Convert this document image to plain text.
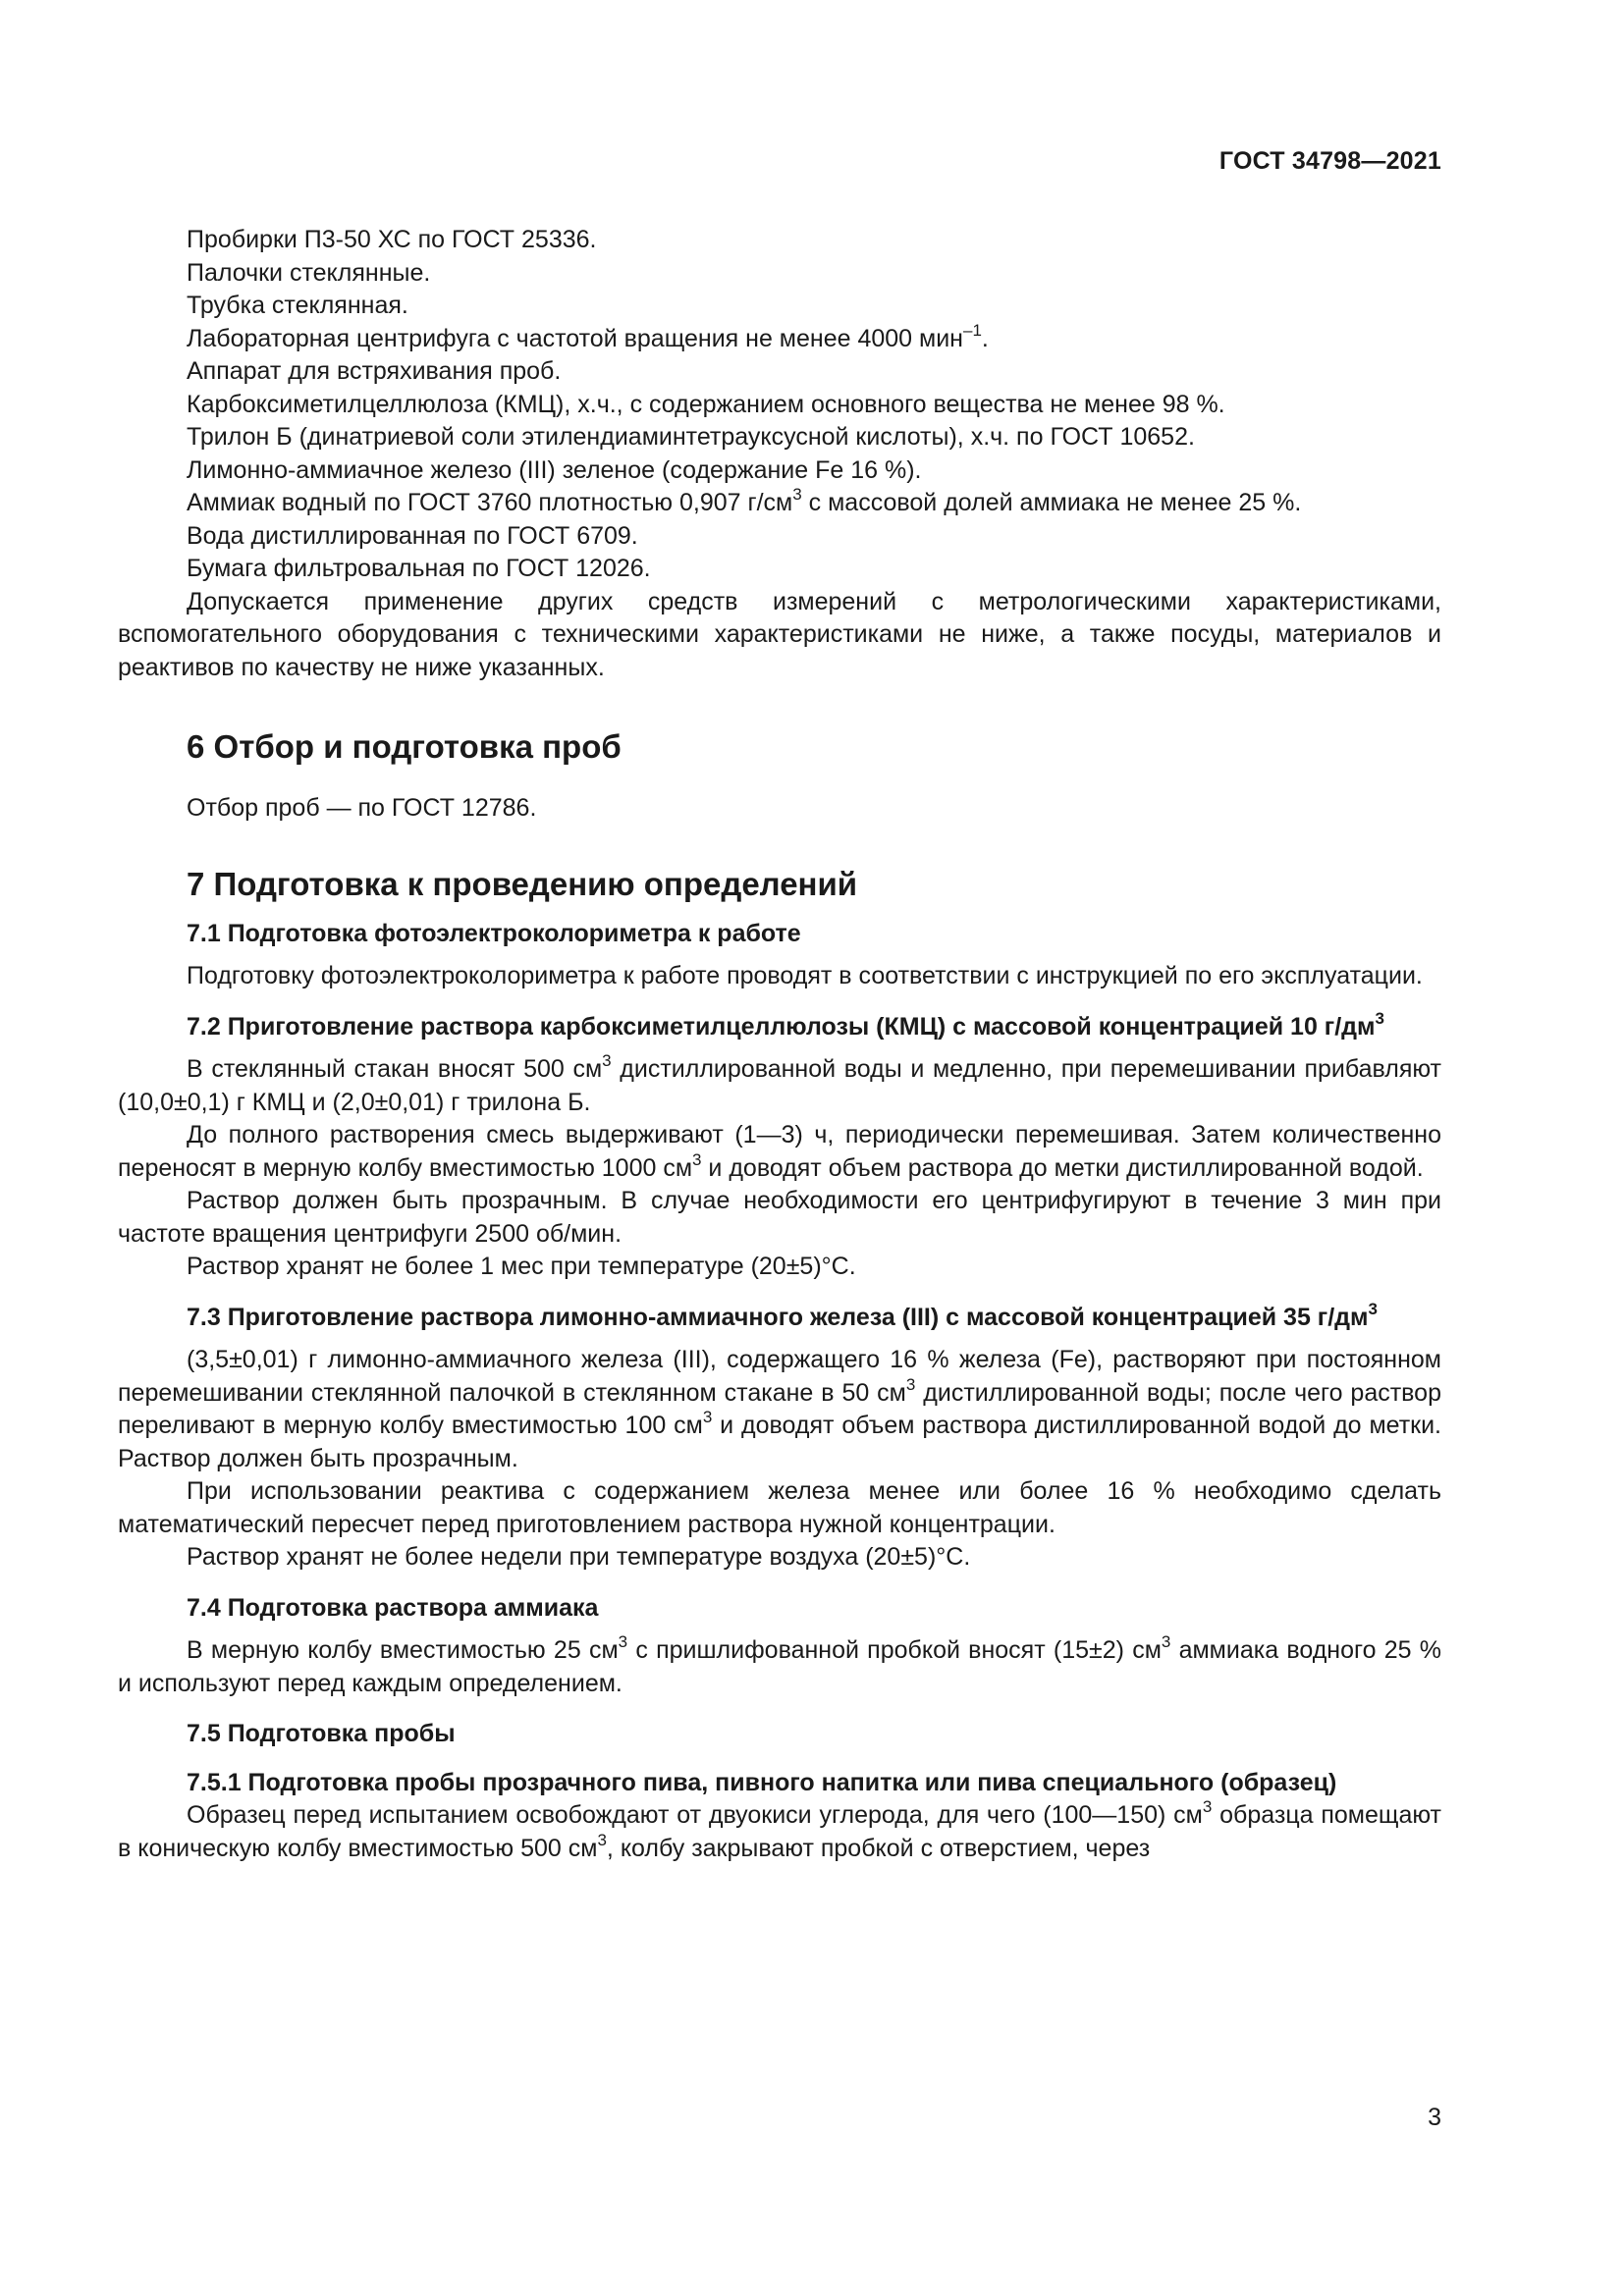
ГОСТ 34798—2021

Пробирки П3-50 ХС по ГОСТ 25336.

Палочки стеклянные.

Трубка стеклянная.

Лабораторная центрифуга с частотой вращения не менее 4000 мин$^{-1}$.

Аппарат для встряхивания проб.

Карбоксиметилцеллюлоза (КМЦ), х.ч., с содержанием основного вещества не менее 98 %.

Трилон Б (динатриевой соли этилендиаминтетрауксусной кислоты), х.ч. по ГОСТ 10652.

Лимонно-аммиачное железо (III) зеленое (содержание Fe 16 %).

Аммиак водный по ГОСТ 3760 плотностью 0,907 $г/см^3$ с массовой долей аммиака не менее 25 %.

Вода дистиллированная по ГОСТ 6709.

Бумага фильтровальная по ГОСТ 12026.

Допускается применение других средств измерений с метрологическими характеристиками, вспомогательного оборудования с техническими характеристиками не ниже, а также посуды, материалов и реактивов по качеству не ниже указанных.

6 Отбор и подготовка проб

Отбор проб — по ГОСТ 12786.

7 Подготовка к проведению определений
7.1 Подготовка фотоэлектроколориметра к работе

Подготовку фотоэлектроколориметра к работе проводят в соответствии с инструкцией по его эксплуатации.

7.2 Приготовление раствора карбоксиметилцеллюлозы (КМЦ) с массовой концентрацией 10 $г/дм^3$

В стеклянный стакан вносят 500 $см^3$ дистиллированной воды и медленно, при перемешивании прибавляют (10,0±0,1) г КМЦ и (2,0±0,01) г трилона Б.

До полного растворения смесь выдерживают (1—3) ч, периодически перемешивая. Затем количественно переносят в мерную колбу вместимостью 1000 $см^3$ и доводят объем раствора до метки дистиллированной водой.

Раствор должен быть прозрачным. В случае необходимости его центрифугируют в течение 3 мин при частоте вращения центрифуги 2500 об/мин.

Раствор хранят не более 1 мес при температуре (20±5)°С.

7.3 Приготовление раствора лимонно-аммиачного железа (III) с массовой концентрацией 35 $г/дм^3$

(3,5±0,01) г лимонно-аммиачного железа (III), содержащего 16 % железа (Fe), растворяют при постоянном перемешивании стеклянной палочкой в стеклянном стакане в 50 $см^3$ дистиллированной воды; после чего раствор переливают в мерную колбу вместимостью 100 $см^3$ и доводят объем раствора дистиллированной водой до метки. Раствор должен быть прозрачным.

При использовании реактива с содержанием железа менее или более 16 % необходимо сделать математический пересчет перед приготовлением раствора нужной концентрации.

Раствор хранят не более недели при температуре воздуха (20±5)°С.

7.4 Подготовка раствора аммиака

В мерную колбу вместимостью 25 $см^3$ с пришлифованной пробкой вносят (15±2) $см^3$ аммиака водного 25 % и используют перед каждым определением.

7.5 Подготовка пробы
7.5.1 Подготовка пробы прозрачного пива, пивного напитка или пива специального (образец)

Образец перед испытанием освобождают от двуокиси углерода, для чего (100—150) $см^3$ образца помещают в коническую колбу вместимостью 500 $см^3$, колбу закрывают пробкой с отверстием, через

3
